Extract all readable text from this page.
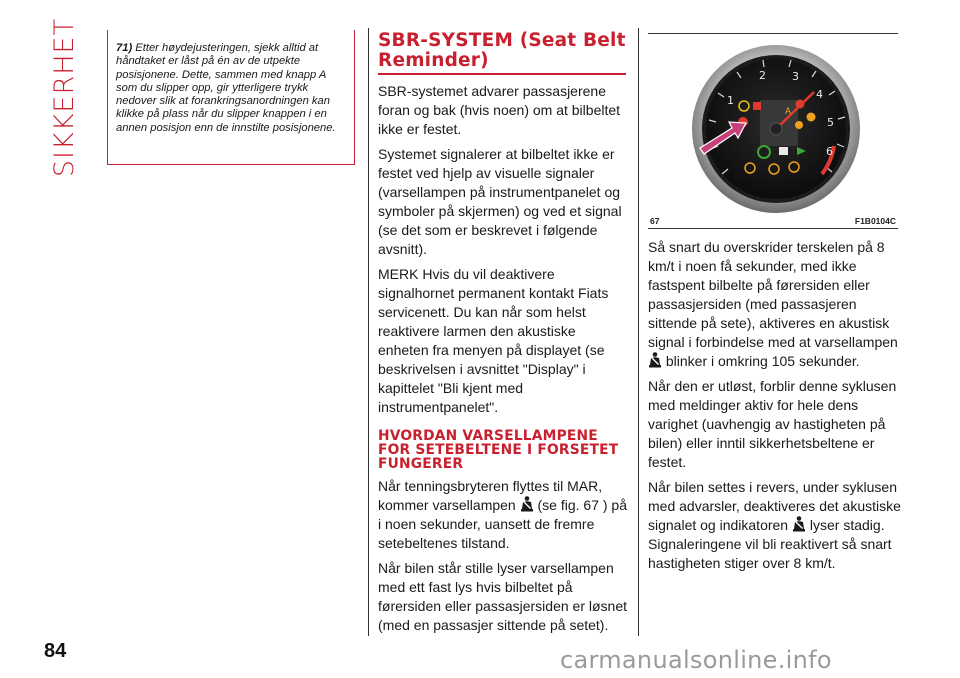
SIKKERHET
84
71) Etter høydejusteringen, sjekk alltid at håndtaket er låst på én av de utpekte posisjonene. Dette, sammen med knapp A som du slipper opp, gir ytterligere trykk nedover slik at forankringsanordningen kan klikke på plass når du slipper knappen i en annen posisjon enn de innstilte posisjonene.
SBR-SYSTEM (Seat Belt Reminder)

SBR-systemet advarer passasjerene foran og bak (hvis noen) om at bilbeltet ikke er festet.

Systemet signalerer at bilbeltet ikke er festet ved hjelp av visuelle signaler (varsellampen på instrumentpanelet og symboler på skjermen) og ved et signal (se det som er beskrevet i følgende avsnitt).

MERK Hvis du vil deaktivere signalhornet permanent kontakt Fiats servicenett. Du kan når som helst reaktivere larmen den akustiske enheten fra menyen på displayet (se beskrivelsen i avsnittet "Display" i kapittelet "Bli kjent med instrumentpanelet".

HVORDAN VARSELLAMPENE FOR SETEBELTENE I FORSETET FUNGERER

Når tenningsbryteren flyttes til MAR, kommer varsellampen (se fig. 67 ) på i noen sekunder, uansett de fremre setebeltenes tilstand.

Når bilen står stille lyser varsellampen med ett fast lys hvis bilbeltet på førersiden eller passasjersiden er løsnet (med en passasjer sittende på setet).

1
2 3
4
5
6
A
67	F1B0104C

Så snart du overskrider terskelen på 8 km/t i noen få sekunder, med ikke fastspent bilbelte på førersiden eller passasjersiden (med passasjeren sittende på sete), aktiveres en akustisk signal i forbindelse med at varsellampen  blinker i omkring 105 sekunder.

Når den er utløst, forblir denne syklusen med meldinger aktiv for hele dens varighet (uavhengig av hastigheten på bilen) eller inntil sikkerhetsbeltene er festet.

Når bilen settes i revers, under syklusen med advarsler, deaktiveres det akustiske signalet og indikatoren lyser stadig. Signaleringene vil bli reaktivert så snart hastigheten stiger over 8 km/t.

carmanualsonline.info
